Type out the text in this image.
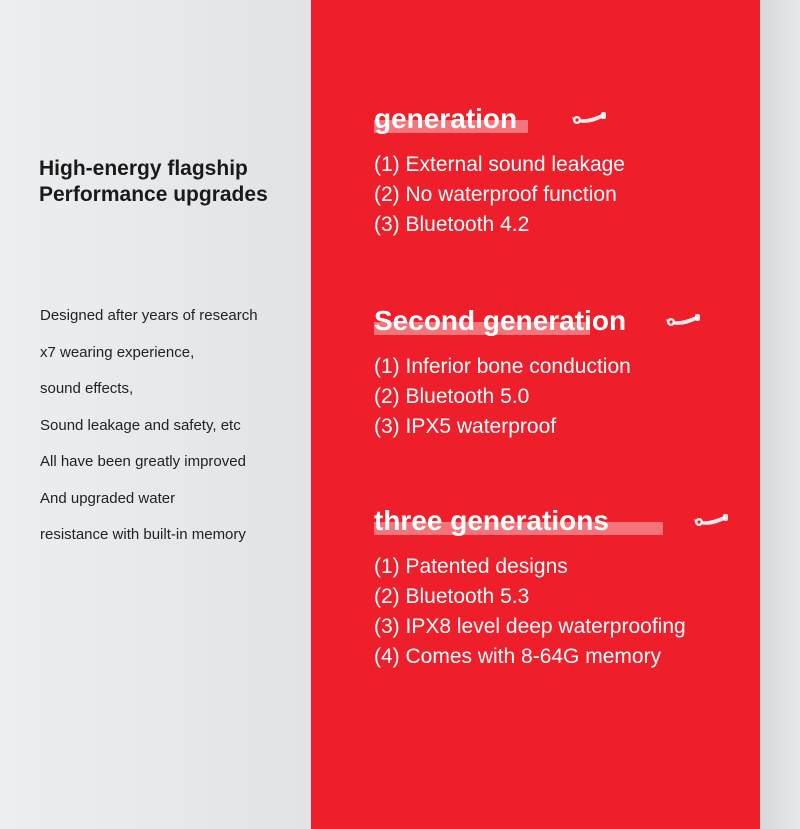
High-energy flagship
Performance upgrades
Designed after years of research
x7 wearing experience,
sound effects,
Sound leakage and safety, etc
All have been greatly improved
And upgraded water
resistance with built-in memory
generation
(1) External sound leakage
(2) No waterproof function
(3) Bluetooth 4.2
Second generation
(1) Inferior bone conduction
(2) Bluetooth 5.0
(3) IPX5 waterproof
three generations
(1) Patented designs
(2) Bluetooth 5.3
(3) IPX8 level deep waterproofing
(4) Comes with 8-64G memory
